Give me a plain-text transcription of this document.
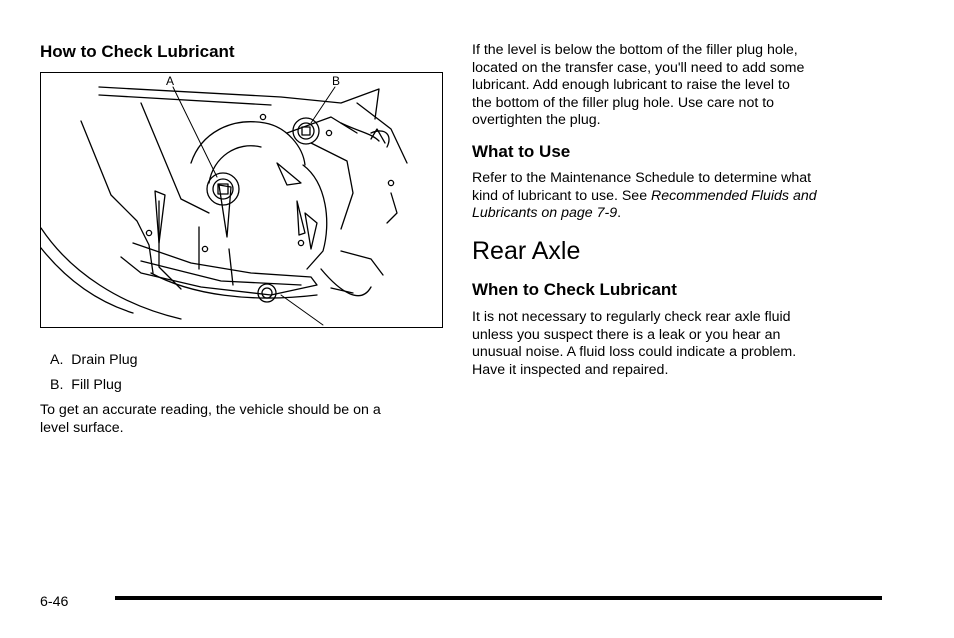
How to Check Lubricant
A	B
A. Drain Plug
B. Fill Plug
To get an accurate reading, the vehicle should be on a
level surface.
If the level is below the bottom of the filler plug hole,
located on the transfer case, you'll need to add some
lubricant. Add enough lubricant to raise the level to
the bottom of the filler plug hole. Use care not to
overtighten the plug.
What to Use
Refer to the Maintenance Schedule to determine what
kind of lubricant to use. See Recommended Fluids and
Lubricants on page 7-9.
Rear Axle
When to Check Lubricant
It is not necessary to regularly check rear axle fluid
unless you suspect there is a leak or you hear an
unusual noise. A fluid loss could indicate a problem.
Have it inspected and repaired.
6-46
